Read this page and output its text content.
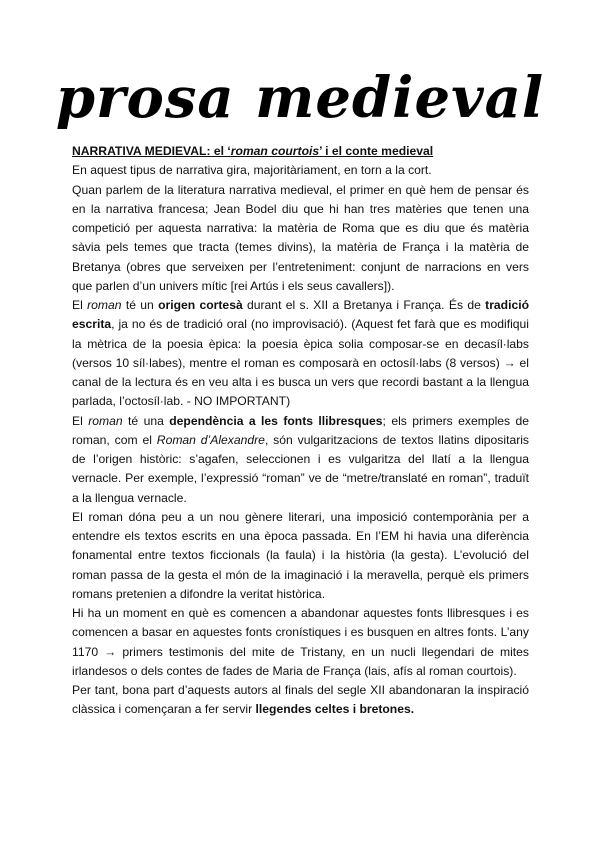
prosa medieval

NARRATIVA MEDIEVAL: el ‘roman courtois’ i el conte medieval

En aquest tipus de narrativa gira, majoritàriament, en torn a la cort.

Quan parlem de la literatura narrativa medieval, el primer en què hem de pensar és en la narrativa francesa; Jean Bodel diu que hi han tres matèries que tenen una competició per aquesta narrativa: la matèria de Roma que es diu que és matèria sàvia pels temes que tracta (temes divins), la matèria de França i la matèria de Bretanya (obres que serveixen per l’entreteniment: conjunt de narracions en vers que parlen d’un univers mític [rei Artús i els seus cavallers]).

El roman té un origen cortesà durant el s. XII a Bretanya i França. És de tradició escrita, ja no és de tradició oral (no improvisació). (Aquest fet farà que es modifiqui la mètrica de la poesia èpica: la poesia èpica solia composar-se en decasíl·labs (versos 10 síl·labes), mentre el roman es composarà en octosíl·labs (8 versos) → el canal de la lectura és en veu alta i es busca un vers que recordi bastant a la llengua parlada, l’octosíl·lab. - NO IMPORTANT)

El roman té una dependència a les fonts llibresques; els primers exemples de roman, com el Roman d’Alexandre, són vulgaritzacions de textos llatins dipositaris de l’origen històric: s’agafen, seleccionen i es vulgaritza del llatí a la llengua vernacle. Per exemple, l’expressió “roman” ve de “metre/translaté en roman”, traduït a la llengua vernacle.

El roman dóna peu a un nou gènere literari, una imposició contemporània per a entendre els textos escrits en una època passada. En l’EM hi havia una diferència fonamental entre textos ficcionals (la faula) i la història (la gesta). L’evolució del roman passa de la gesta el món de la imaginació i la meravella, perquè els primers romans pretenien a difondre la veritat històrica.

Hi ha un moment en què es comencen a abandonar aquestes fonts llibresques i es comencen a basar en aquestes fonts cronístiques i es busquen en altres fonts. L’any 1170 → primers testimonis del mite de Tristany, en un nucli llegendari de mites irlandesos o dels contes de fades de Maria de França (lais, afís al roman courtois).

Per tant, bona part d’aquests autors al finals del segle XII abandonaran la inspiració clàssica i començaran a fer servir llegendes celtes i bretones.
